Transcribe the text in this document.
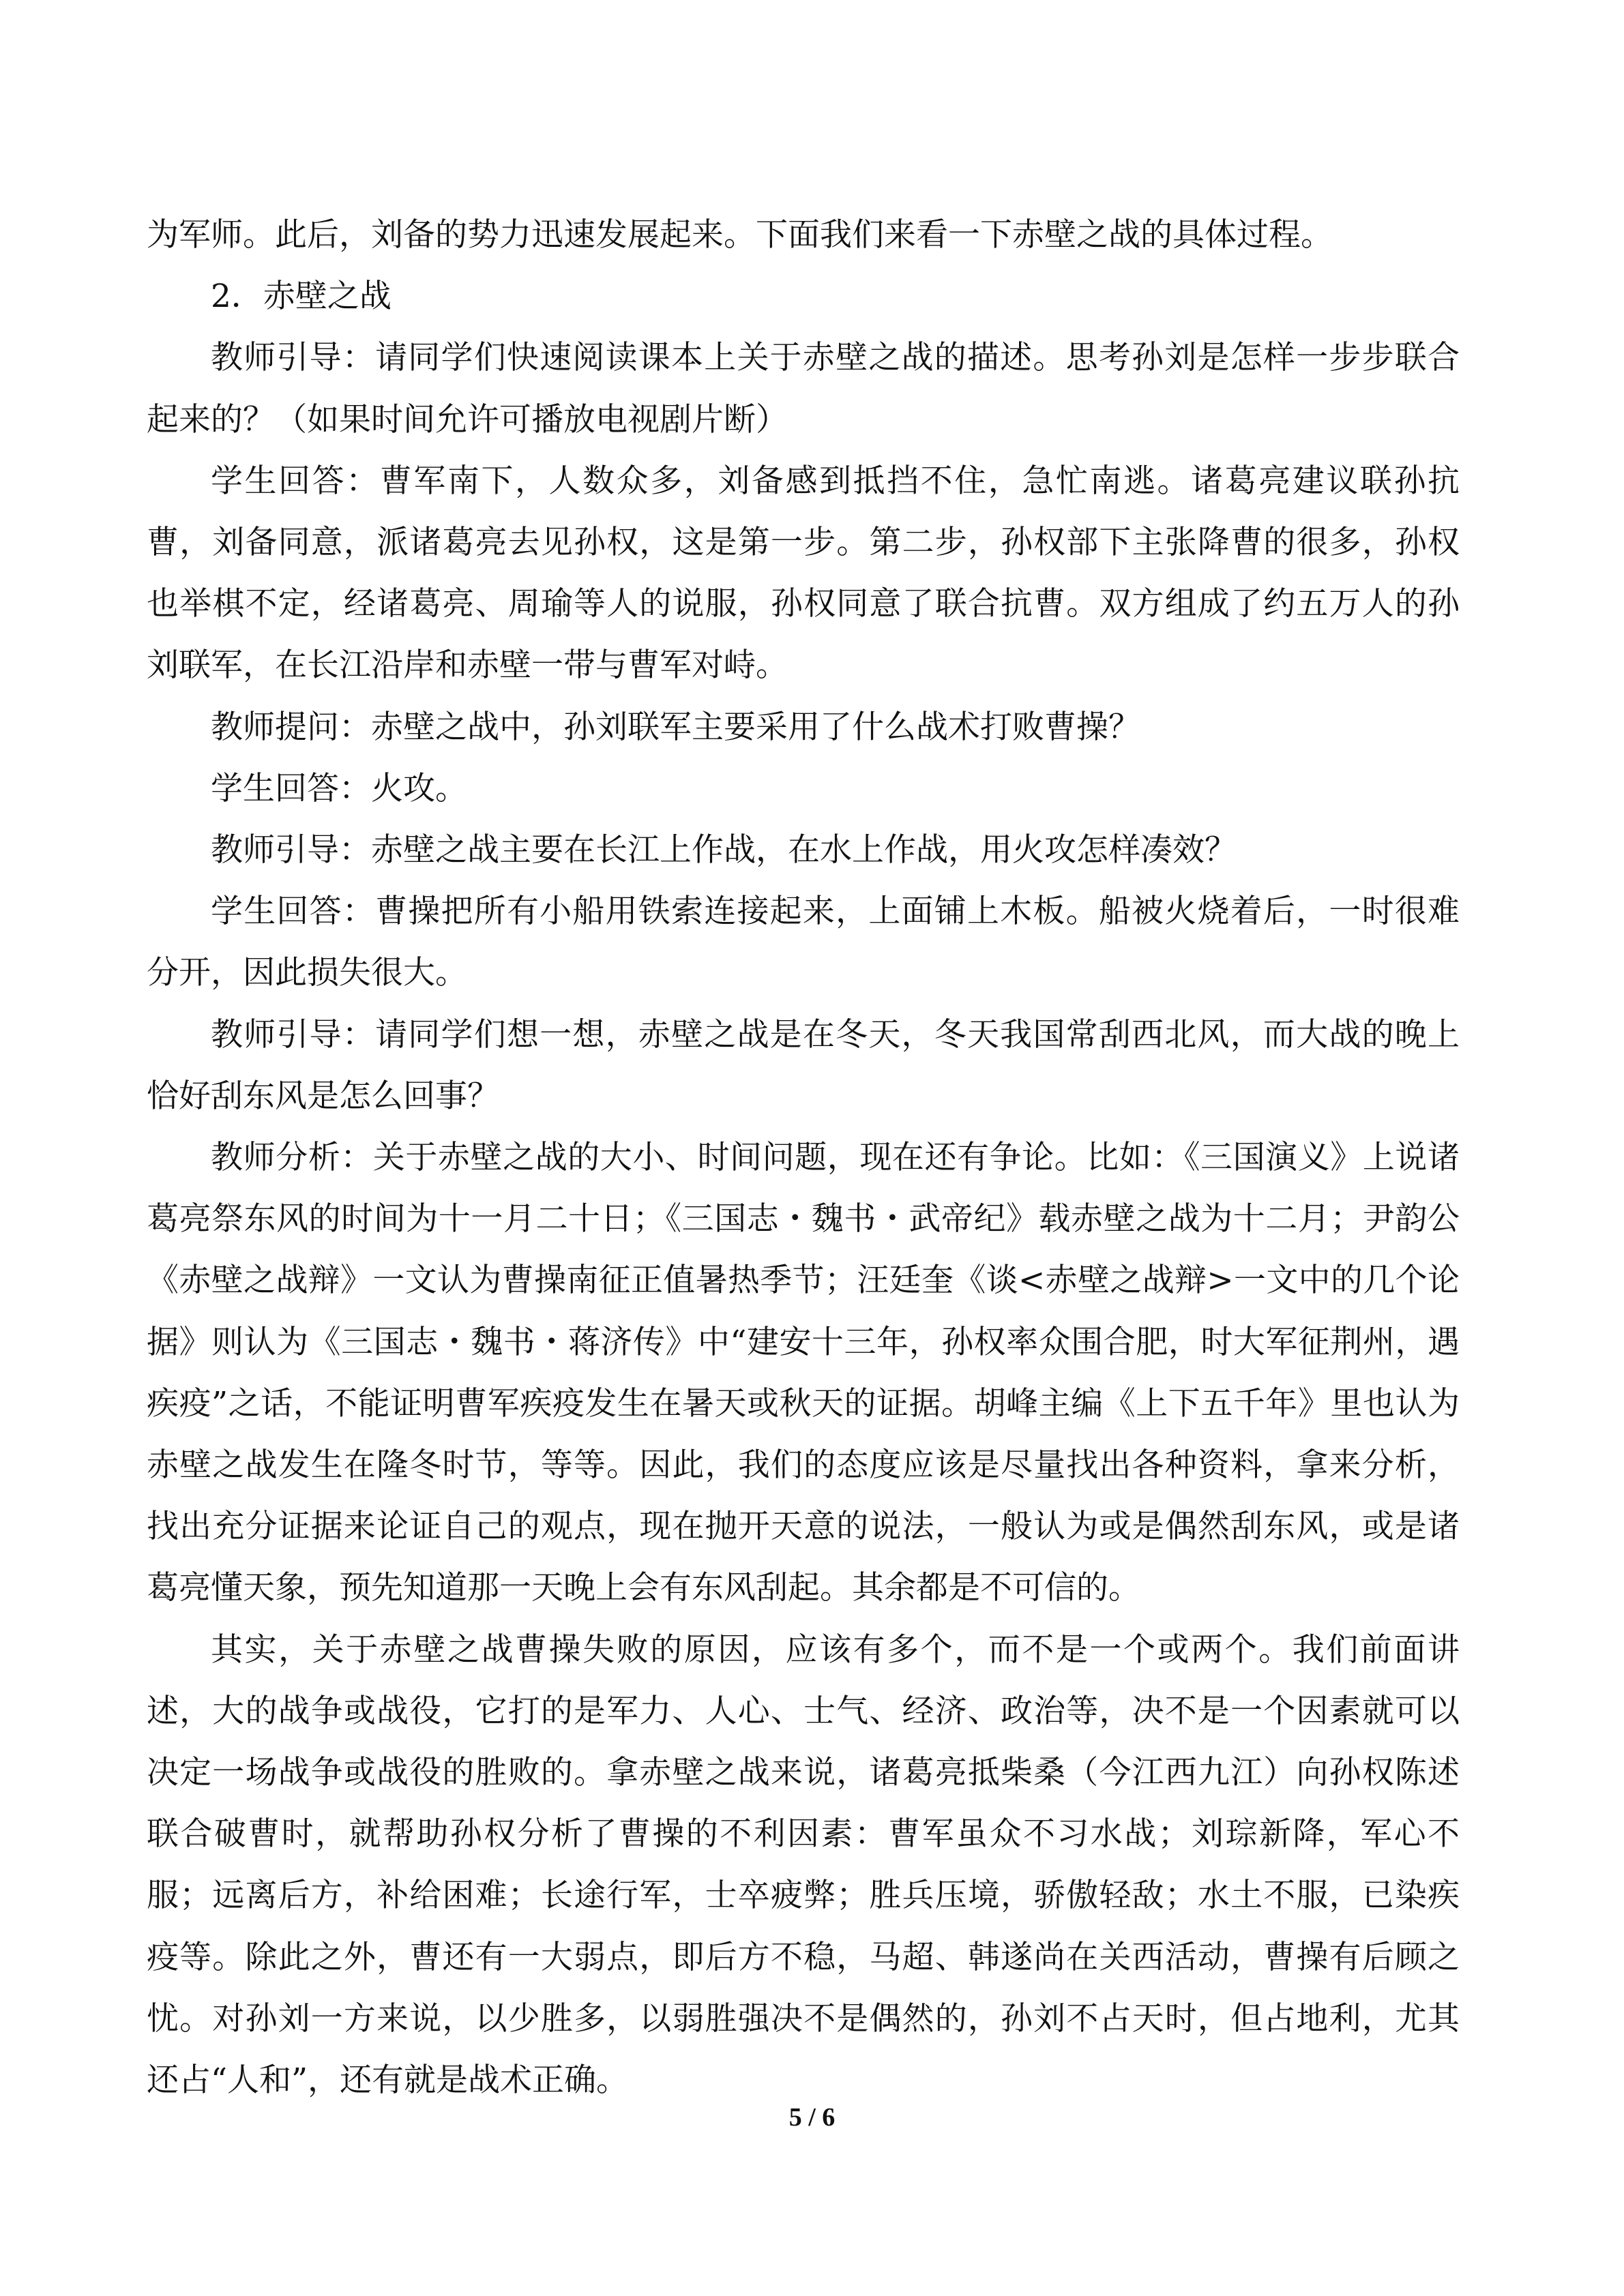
为军师。此后，刘备的势力迅速发展起来。下面我们来看一下赤壁之战的具体过程。

2．赤壁之战

教师引导：请同学们快速阅读课本上关于赤壁之战的描述。思考孙刘是怎样一步步联合起来的？（如果时间允许可播放电视剧片断）

学生回答：曹军南下，人数众多，刘备感到抵挡不住，急忙南逃。诸葛亮建议联孙抗曹，刘备同意，派诸葛亮去见孙权，这是第一步。第二步，孙权部下主张降曹的很多，孙权也举棋不定，经诸葛亮、周瑜等人的说服，孙权同意了联合抗曹。双方组成了约五万人的孙刘联军，在长江沿岸和赤壁一带与曹军对峙。

教师提问：赤壁之战中，孙刘联军主要采用了什么战术打败曹操？

学生回答：火攻。

教师引导：赤壁之战主要在长江上作战，在水上作战，用火攻怎样凑效？

学生回答：曹操把所有小船用铁索连接起来，上面铺上木板。船被火烧着后，一时很难分开，因此损失很大。

教师引导：请同学们想一想，赤壁之战是在冬天，冬天我国常刮西北风，而大战的晚上恰好刮东风是怎么回事？

教师分析：关于赤壁之战的大小、时间问题，现在还有争论。比如：《三国演义》上说诸葛亮祭东风的时间为十一月二十日；《三国志・魏书・武帝纪》载赤壁之战为十二月；尹韵公《赤壁之战辩》一文认为曹操南征正值暑热季节；汪廷奎《谈<赤壁之战辩>一文中的几个论据》则认为《三国志・魏书・蒋济传》中“建安十三年，孙权率众围合肥，时大军征荆州，遇疾疫”之话，不能证明曹军疾疫发生在暑天或秋天的证据。胡峰主编《上下五千年》里也认为赤壁之战发生在隆冬时节，等等。因此，我们的态度应该是尽量找出各种资料，拿来分析，找出充分证据来论证自己的观点，现在抛开天意的说法，一般认为或是偶然刮东风，或是诸葛亮懂天象，预先知道那一天晚上会有东风刮起。其余都是不可信的。

其实，关于赤壁之战曹操失败的原因，应该有多个，而不是一个或两个。我们前面讲述，大的战争或战役，它打的是军力、人心、士气、经济、政治等，决不是一个因素就可以决定一场战争或战役的胜败的。拿赤壁之战来说，诸葛亮抵柴桑（今江西九江）向孙权陈述联合破曹时，就帮助孙权分析了曹操的不利因素：曹军虽众不习水战；刘琮新降，军心不服；远离后方，补给困难；长途行军，士卒疲弊；胜兵压境，骄傲轻敌；水土不服，已染疾疫等。除此之外，曹还有一大弱点，即后方不稳，马超、韩遂尚在关西活动，曹操有后顾之忧。对孙刘一方来说，以少胜多，以弱胜强决不是偶然的，孙刘不占天时，但占地利，尤其还占“人和”，还有就是战术正确。

5 / 6
